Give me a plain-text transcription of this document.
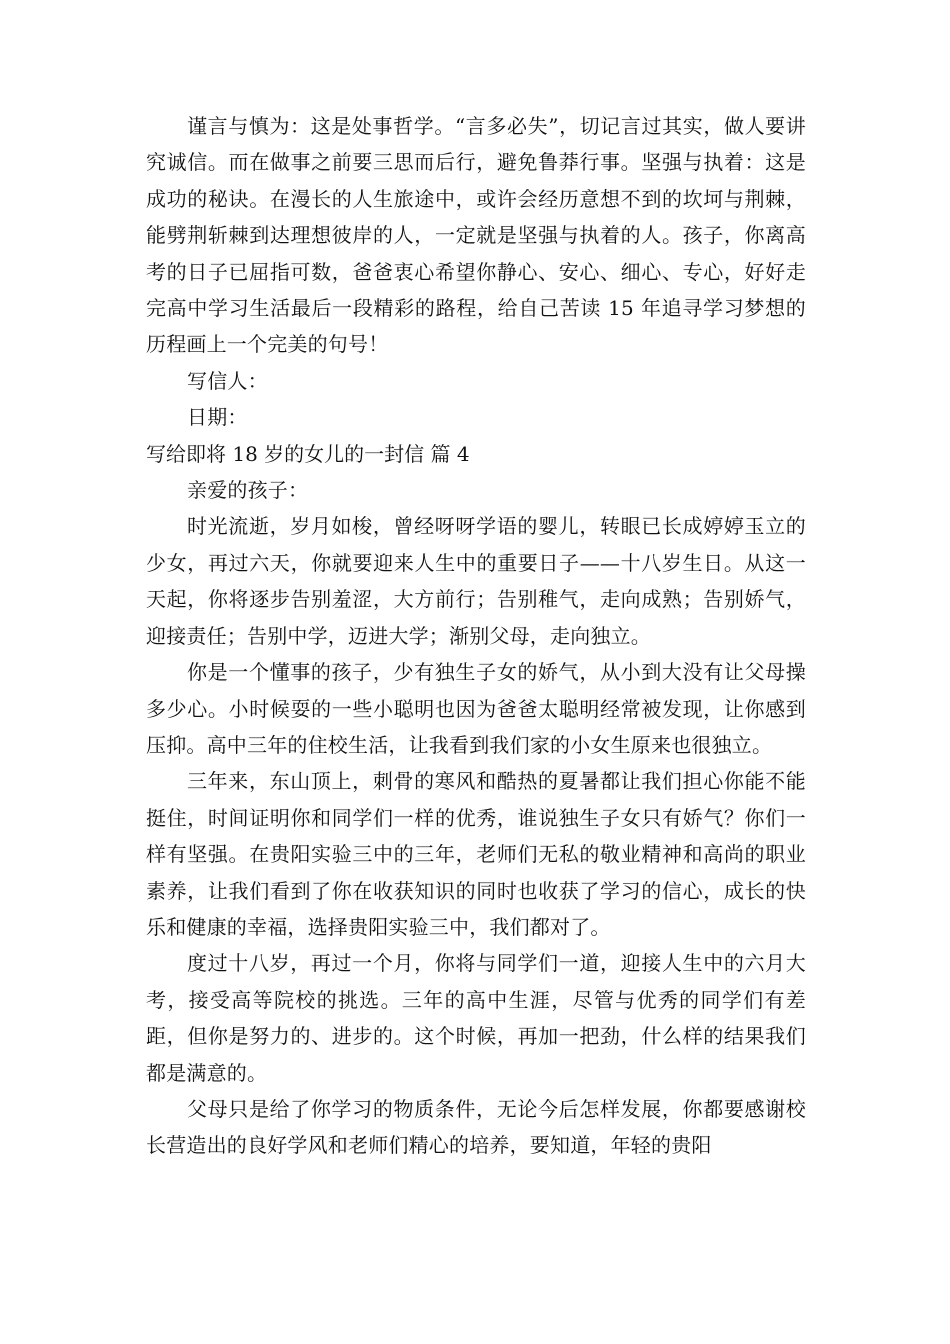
谨言与慎为：这是处事哲学。“言多必失”，切记言过其实，做人要讲究诚信。而在做事之前要三思而后行，避免鲁莽行事。坚强与执着：这是成功的秘诀。在漫长的人生旅途中，或许会经历意想不到的坎坷与荆棘，能劈荆斩棘到达理想彼岸的人，一定就是坚强与执着的人。孩子，你离高考的日子已屈指可数，爸爸衷心希望你静心、安心、细心、专心，好好走完高中学习生活最后一段精彩的路程，给自己苦读 15 年追寻学习梦想的历程画上一个完美的句号！

写信人：

日期：

写给即将 18 岁的女儿的一封信 篇 4

亲爱的孩子：

时光流逝，岁月如梭，曾经呀呀学语的婴儿，转眼已长成婷婷玉立的少女，再过六天，你就要迎来人生中的重要日子——十八岁生日。从这一天起，你将逐步告别羞涩，大方前行；告别稚气，走向成熟；告别娇气，迎接责任；告别中学，迈进大学；渐别父母，走向独立。

你是一个懂事的孩子，少有独生子女的娇气，从小到大没有让父母操多少心。小时候耍的一些小聪明也因为爸爸太聪明经常被发现，让你感到压抑。高中三年的住校生活，让我看到我们家的小女生原来也很独立。

三年来，东山顶上，刺骨的寒风和酷热的夏暑都让我们担心你能不能挺住，时间证明你和同学们一样的优秀，谁说独生子女只有娇气？你们一样有坚强。在贵阳实验三中的三年，老师们无私的敬业精神和高尚的职业素养，让我们看到了你在收获知识的同时也收获了学习的信心，成长的快乐和健康的幸福，选择贵阳实验三中，我们都对了。

度过十八岁，再过一个月，你将与同学们一道，迎接人生中的六月大考，接受高等院校的挑选。三年的高中生涯，尽管与优秀的同学们有差距，但你是努力的、进步的。这个时候，再加一把劲，什么样的结果我们都是满意的。

父母只是给了你学习的物质条件，无论今后怎样发展，你都要感谢校长营造出的良好学风和老师们精心的培养，要知道，年轻的贵阳
